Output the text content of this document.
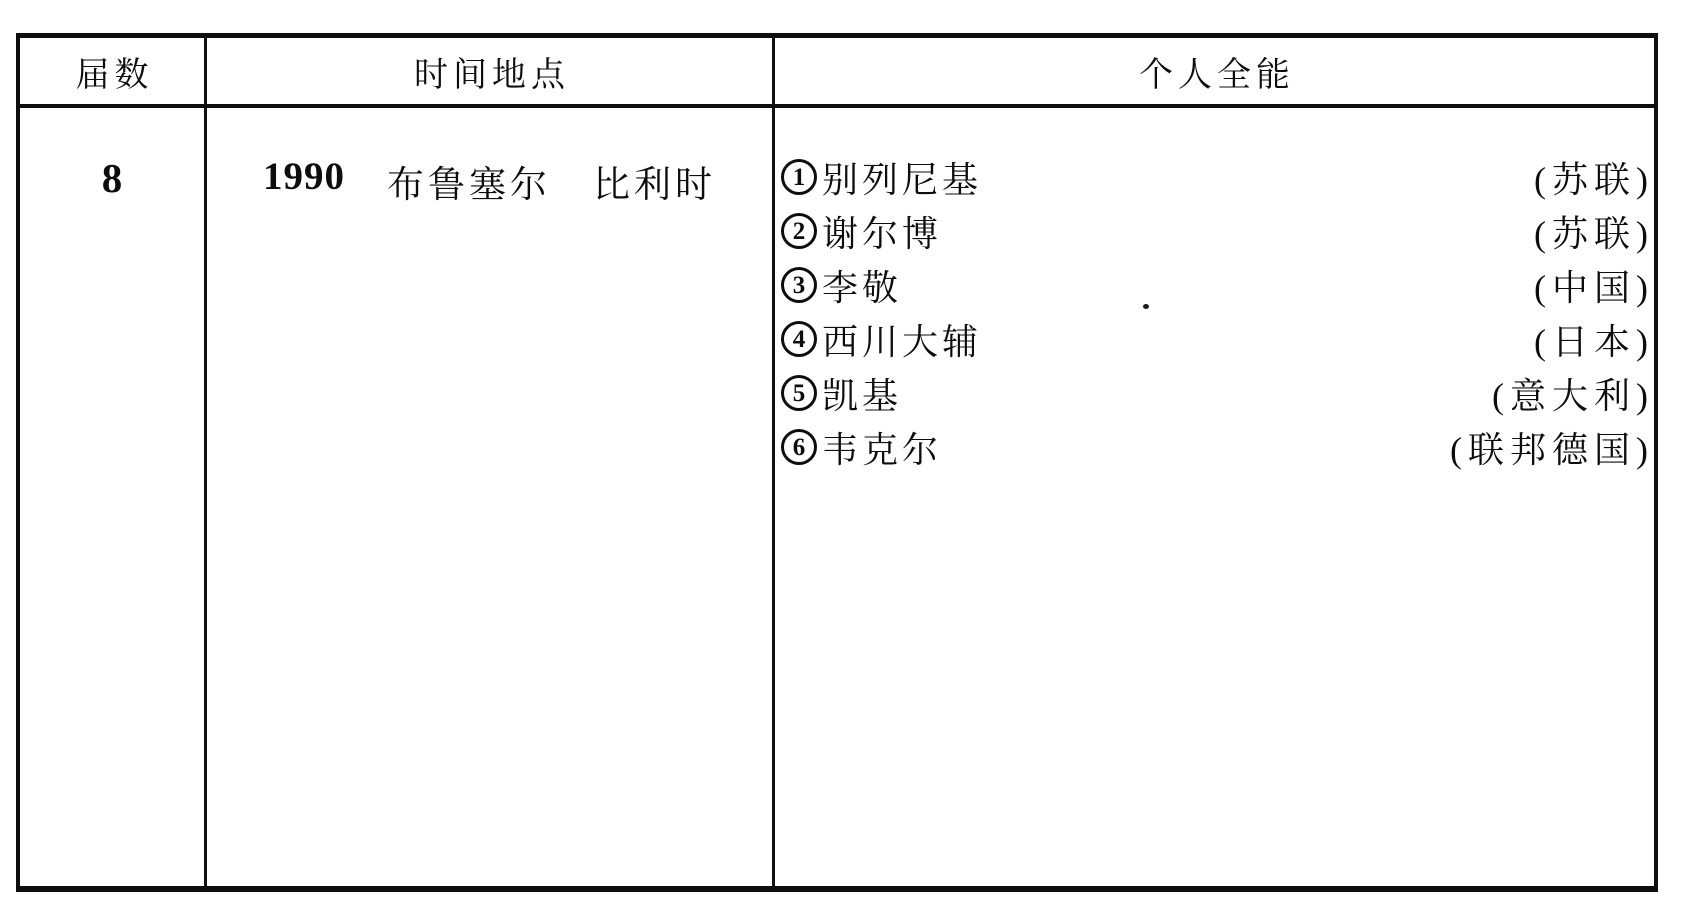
届数	时间地点	个人全能
8	1990 布鲁塞尔 比利时	1 别列尼基	(苏联)
2 谢尔博	(苏联)
3 李敬	(中国)
4 西川大辅	(日本)
5 凯基	(意大利)
6 韦克尔	(联邦德国)
